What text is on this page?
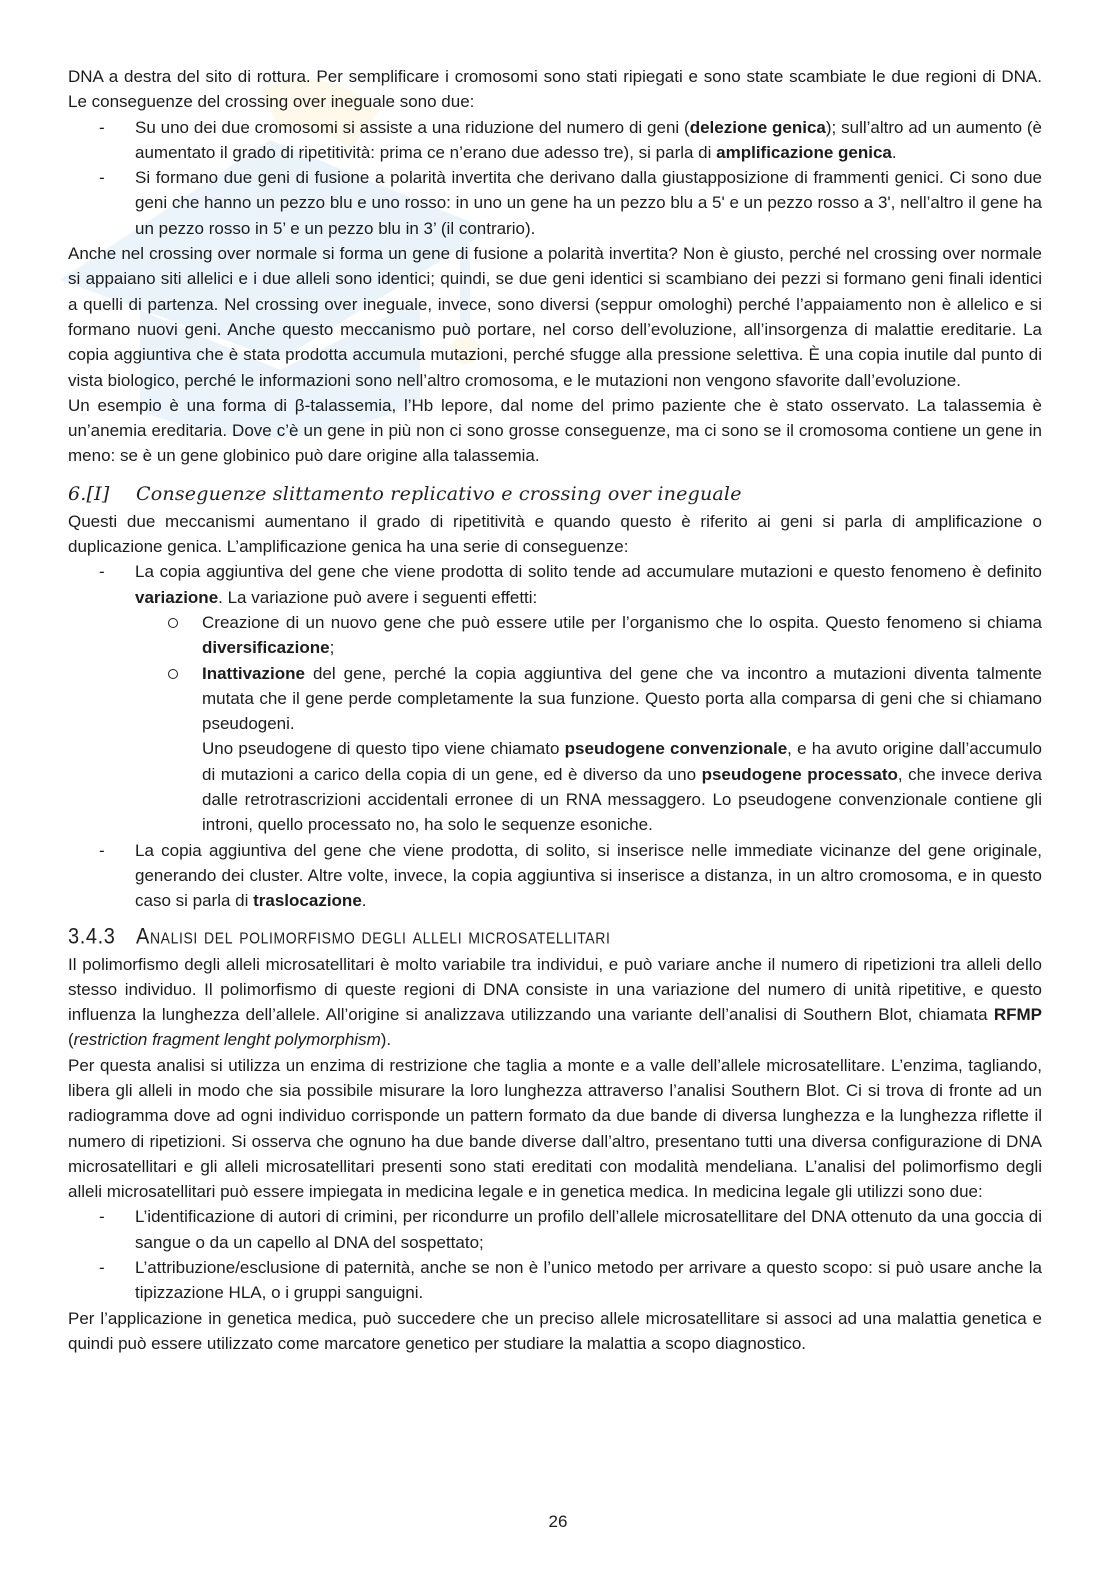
DNA a destra del sito di rottura. Per semplificare i cromosomi sono stati ripiegati e sono state scambiate le due regioni di DNA. Le conseguenze del crossing over ineguale sono due:

- Su uno dei due cromosomi si assiste a una riduzione del numero di geni (delezione genica); sull’altro ad un aumento (è aumentato il grado di ripetitività: prima ce n’erano due adesso tre), si parla di amplificazione genica.
- Si formano due geni di fusione a polarità invertita che derivano dalla giustapposizione di frammenti genici. Ci sono due geni che hanno un pezzo blu e uno rosso: in uno un gene ha un pezzo blu a 5' e un pezzo rosso a 3', nell’altro il gene ha un pezzo rosso in 5’ e un pezzo blu in 3’ (il contrario).

Anche nel crossing over normale si forma un gene di fusione a polarità invertita? Non è giusto, perché nel crossing over normale si appaiano siti allelici e i due alleli sono identici; quindi, se due geni identici si scambiano dei pezzi si formano geni finali identici a quelli di partenza. Nel crossing over ineguale, invece, sono diversi (seppur omologhi) perché l’appaiamento non è allelico e si formano nuovi geni. Anche questo meccanismo può portare, nel corso dell’evoluzione, all’insorgenza di malattie ereditarie. La copia aggiuntiva che è stata prodotta accumula mutazioni, perché sfugge alla pressione selettiva. È una copia inutile dal punto di vista biologico, perché le informazioni sono nell’altro cromosoma, e le mutazioni non vengono sfavorite dall’evoluzione.

Un esempio è una forma di β-talassemia, l’Hb lepore, dal nome del primo paziente che è stato osservato. La talassemia è un’anemia ereditaria. Dove c’è un gene in più non ci sono grosse conseguenze, ma ci sono se il cromosoma contiene un gene in meno: se è un gene globinico può dare origine alla talassemia.

6.[I] Conseguenze slittamento replicativo e crossing over ineguale

Questi due meccanismi aumentano il grado di ripetitività e quando questo è riferito ai geni si parla di amplificazione o duplicazione genica. L’amplificazione genica ha una serie di conseguenze:

- La copia aggiuntiva del gene che viene prodotta di solito tende ad accumulare mutazioni e questo fenomeno è definito variazione. La variazione può avere i seguenti effetti:
Creazione di un nuovo gene che può essere utile per l’organismo che lo ospita. Questo fenomeno si chiama diversificazione;
Inattivazione del gene, perché la copia aggiuntiva del gene che va incontro a mutazioni diventa talmente mutata che il gene perde completamente la sua funzione. Questo porta alla comparsa di geni che si chiamano pseudogeni.
Uno pseudogene di questo tipo viene chiamato pseudogene convenzionale, e ha avuto origine dall’accumulo di mutazioni a carico della copia di un gene, ed è diverso da uno pseudogene processato, che invece deriva dalle retrotrascrizioni accidentali erronee di un RNA messaggero. Lo pseudogene convenzionale contiene gli introni, quello processato no, ha solo le sequenze esoniche.
- La copia aggiuntiva del gene che viene prodotta, di solito, si inserisce nelle immediate vicinanze del gene originale, generando dei cluster. Altre volte, invece, la copia aggiuntiva si inserisce a distanza, in un altro cromosoma, e in questo caso si parla di traslocazione.
3.4.3 Analisi del polimorfismo degli alleli microsatellitari

Il polimorfismo degli alleli microsatellitari è molto variabile tra individui, e può variare anche il numero di ripetizioni tra alleli dello stesso individuo. Il polimorfismo di queste regioni di DNA consiste in una variazione del numero di unità ripetitive, e questo influenza la lunghezza dell’allele. All’origine si analizzava utilizzando una variante dell’analisi di Southern Blot, chiamata RFMP (restriction fragment lenght polymorphism).

Per questa analisi si utilizza un enzima di restrizione che taglia a monte e a valle dell’allele microsatellitare. L’enzima, tagliando, libera gli alleli in modo che sia possibile misurare la loro lunghezza attraverso l’analisi Southern Blot. Ci si trova di fronte ad un radiogramma dove ad ogni individuo corrisponde un pattern formato da due bande di diversa lunghezza e la lunghezza riflette il numero di ripetizioni. Si osserva che ognuno ha due bande diverse dall’altro, presentano tutti una diversa configurazione di DNA microsatellitari e gli alleli microsatellitari presenti sono stati ereditati con modalità mendeliana. L’analisi del polimorfismo degli alleli microsatellitari può essere impiegata in medicina legale e in genetica medica. In medicina legale gli utilizzi sono due:

- L’identificazione di autori di crimini, per ricondurre un profilo dell’allele microsatellitare del DNA ottenuto da una goccia di sangue o da un capello al DNA del sospettato;
- L’attribuzione/esclusione di paternità, anche se non è l’unico metodo per arrivare a questo scopo: si può usare anche la tipizzazione HLA, o i gruppi sanguigni.

Per l’applicazione in genetica medica, può succedere che un preciso allele microsatellitare si associ ad una malattia genetica e quindi può essere utilizzato come marcatore genetico per studiare la malattia a scopo diagnostico.

26
